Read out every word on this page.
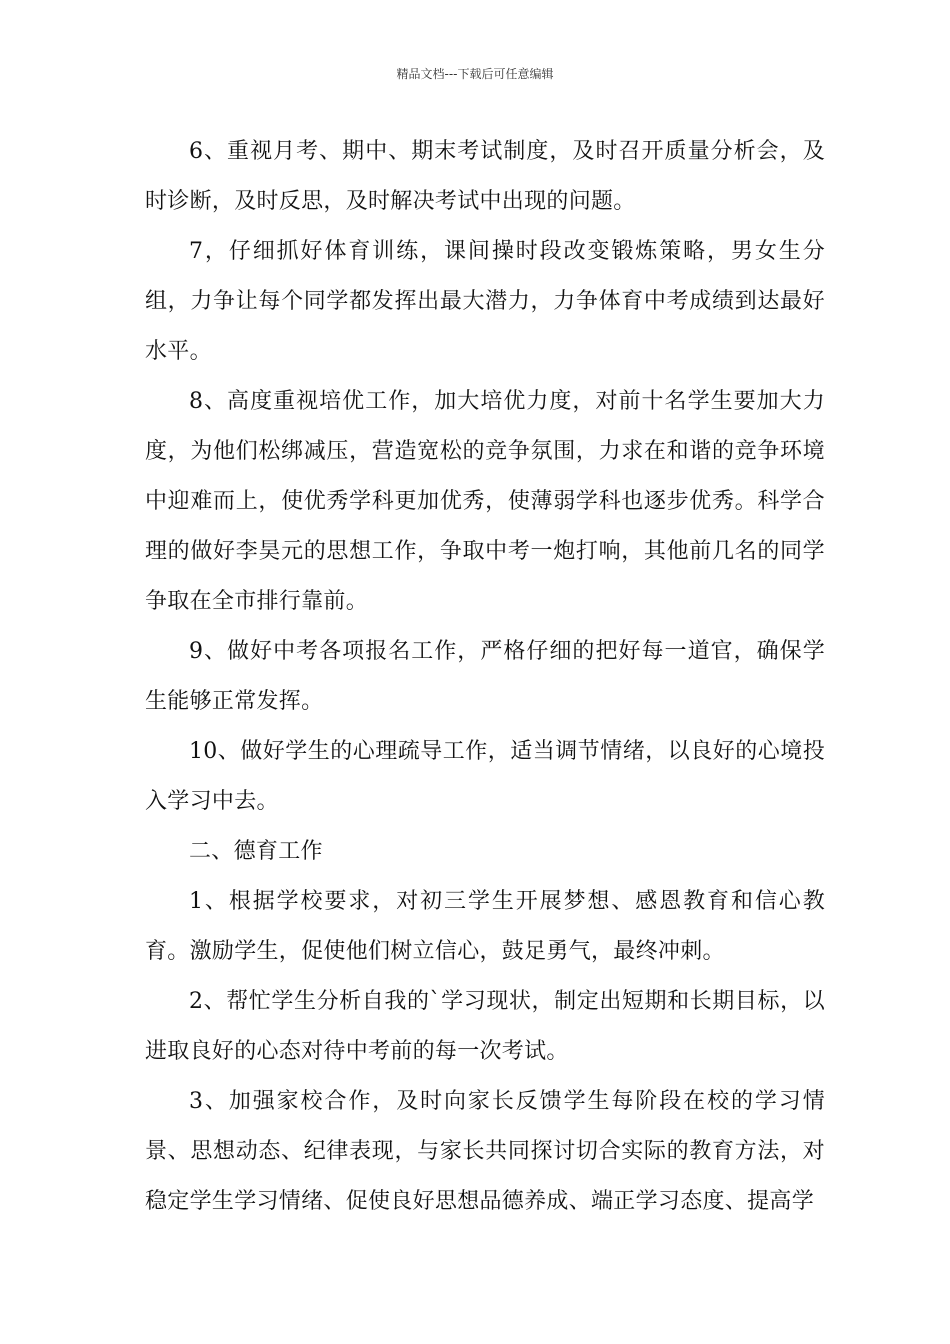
精品文档---下载后可任意编辑

6、重视月考、期中、期末考试制度，及时召开质量分析会，及时诊断，及时反思，及时解决考试中出现的问题。

7，仔细抓好体育训练，课间操时段改变锻炼策略，男女生分组，力争让每个同学都发挥出最大潜力，力争体育中考成绩到达最好水平。

8、高度重视培优工作，加大培优力度，对前十名学生要加大力度，为他们松绑减压，营造宽松的竞争氛围，力求在和谐的竞争环境中迎难而上，使优秀学科更加优秀，使薄弱学科也逐步优秀。科学合理的做好李昊元的思想工作，争取中考一炮打响，其他前几名的同学争取在全市排行靠前。

9、做好中考各项报名工作，严格仔细的把好每一道官，确保学生能够正常发挥。

10、做好学生的心理疏导工作，适当调节情绪，以良好的心境投入学习中去。

二、德育工作

1、根据学校要求，对初三学生开展梦想、感恩教育和信心教育。激励学生，促使他们树立信心，鼓足勇气，最终冲刺。

2、帮忙学生分析自我的`学习现状，制定出短期和长期目标，以进取良好的心态对待中考前的每一次考试。

3、加强家校合作，及时向家长反馈学生每阶段在校的学习情景、思想动态、纪律表现，与家长共同探讨切合实际的教育方法，对稳定学生学习情绪、促使良好思想品德养成、端正学习态度、提高学
